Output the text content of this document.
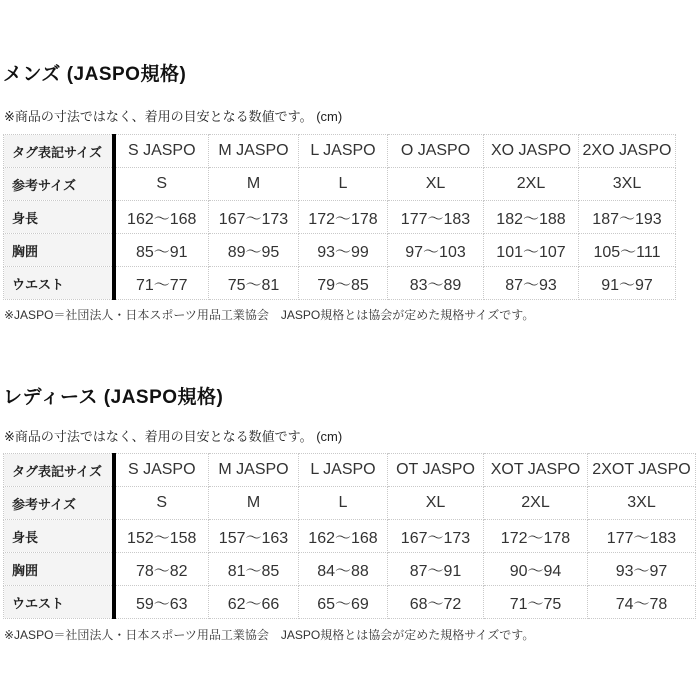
メンズ (JASPO規格)
※商品の寸法ではなく、着用の目安となる数値です。 (cm)
タグ表記サイズ	S JASPO	M JASPO	L JASPO	O JASPO	XO JASPO	2XO JASPO
参考サイズ	S	M	L	XL	2XL	3XL
身長	162～168	167～173	172～178	177～183	182～188	187～193
胸囲	85～91	89～95	93～99	97～103	101～107	105～111
ウエスト	71～77	75～81	79～85	83～89	87～93	91～97
※JASPO＝社団法人・日本スポーツ用品工業協会　JASPO規格とは協会が定めた規格サイズです。
レディース (JASPO規格)
※商品の寸法ではなく、着用の目安となる数値です。 (cm)
タグ表記サイズ	S JASPO	M JASPO	L JASPO	OT JASPO	XOT JASPO	2XOT JASPO
参考サイズ	S	M	L	XL	2XL	3XL
身長	152～158	157～163	162～168	167～173	172～178	177～183
胸囲	78～82	81～85	84～88	87～91	90～94	93～97
ウエスト	59～63	62～66	65～69	68～72	71～75	74～78
※JASPO＝社団法人・日本スポーツ用品工業協会　JASPO規格とは協会が定めた規格サイズです。
